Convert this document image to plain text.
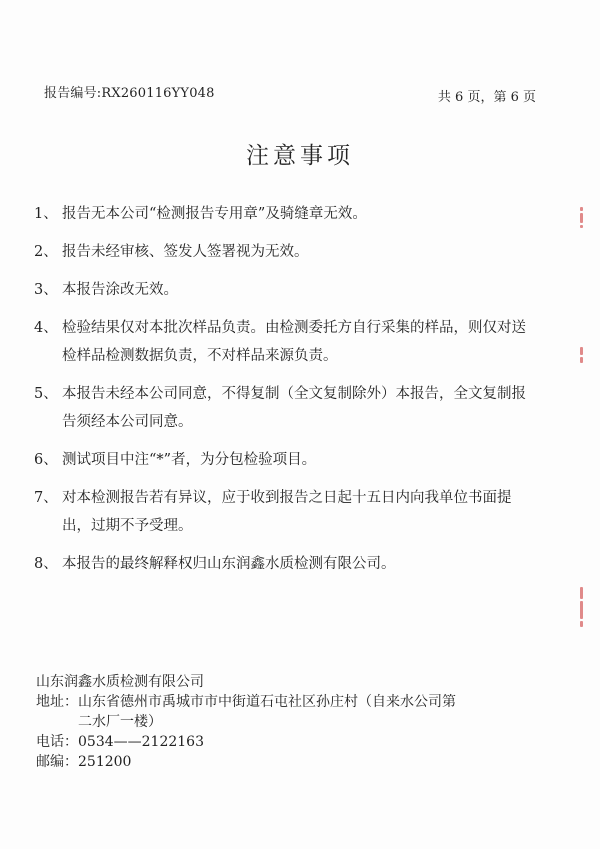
报告编号:RX260116YY048	共 6 页，第 6 页
注意事项
1、 报告无本公司“检测报告专用章”及骑缝章无效。
2、 报告未经审核、签发人签署视为无效。
3、 本报告涂改无效。
4、 检验结果仅对本批次样品负责。由检测委托方自行采集的样品，则仅对送
检样品检测数据负责，不对样品来源负责。
5、 本报告未经本公司同意，不得复制（全文复制除外）本报告，全文复制报
告须经本公司同意。
6、 测试项目中注“*”者，为分包检验项目。
7、 对本检测报告若有异议，应于收到报告之日起十五日内向我单位书面提
出，过期不予受理。
8、 本报告的最终解释权归山东润鑫水质检测有限公司。
山东润鑫水质检测有限公司
地址： 山东省德州市禹城市市中街道石屯社区孙庄村（自来水公司第
二水厂一楼）
电话： 0534——2122163
邮编： 251200
